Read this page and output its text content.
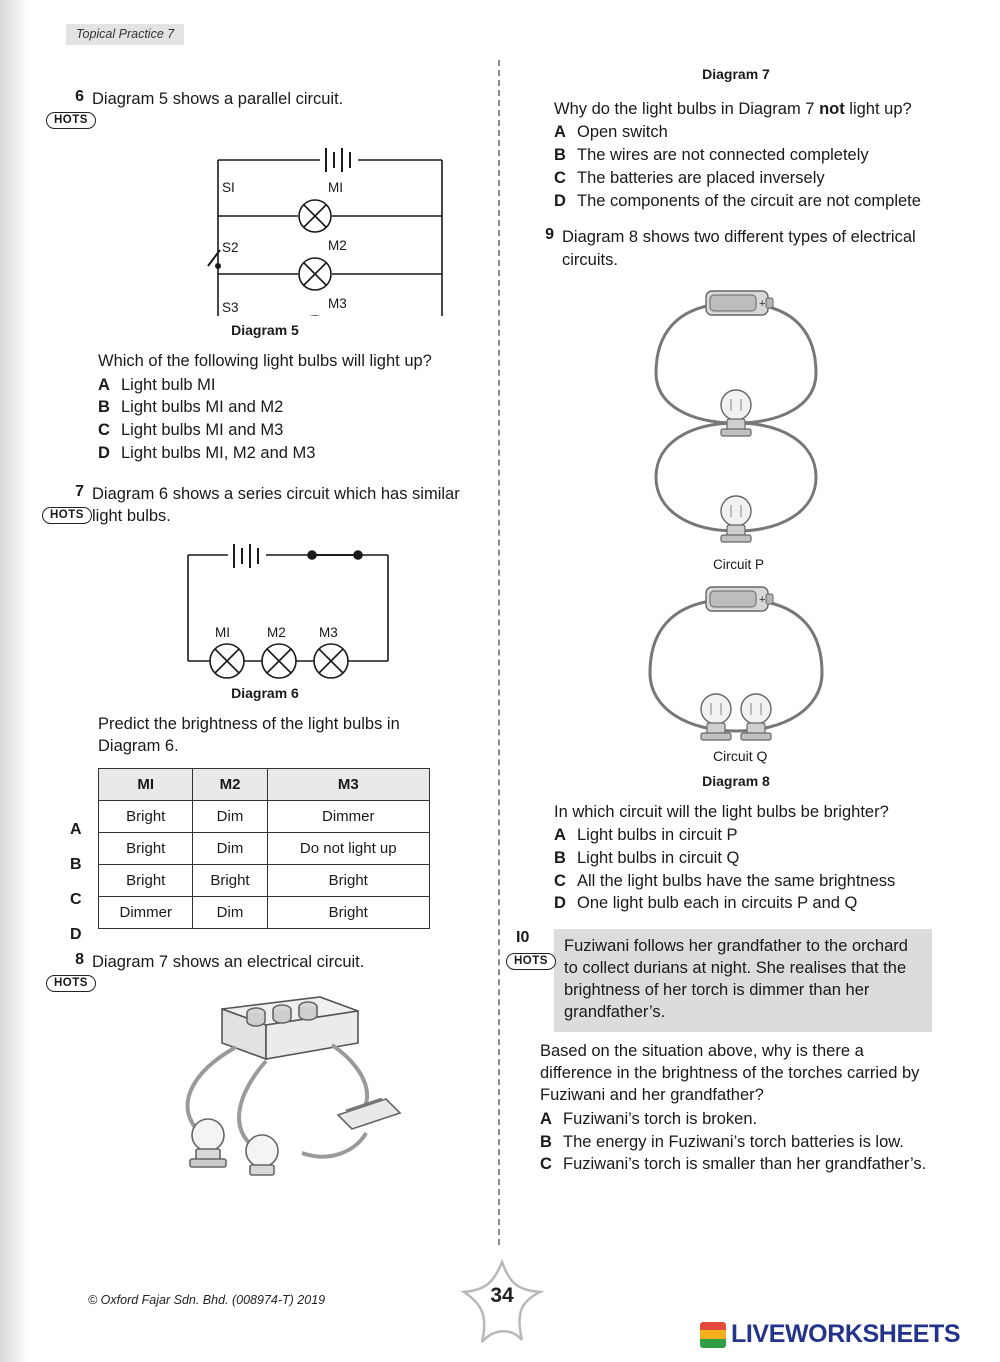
Topical Practice 7
6 Diagram 5 shows a parallel circuit.
HOTS
SI
S2
S3
MI
M2
M3
Diagram 5
Which of the following light bulbs will light up?
A Light bulb MI
B Light bulbs MI and M2
C Light bulbs MI and M3
D Light bulbs MI, M2 and M3
7 Diagram 6 shows a series circuit which has similar light bulbs.
HOTS
MI	M2 M3
Diagram 6
Predict the brightness of the light bulbs in Diagram 6.
MI	M2	M3
Bright	Dim	Dimmer
Bright	Dim	Do not light up
Bright	Bright	Bright
Dimmer	Dim	Bright
A
B
C
D
8 Diagram 7 shows an electrical circuit.
HOTS
Diagram 7
Why do the light bulbs in Diagram 7 not light up?
A Open switch
B The wires are not connected completely
C The batteries are placed inversely
D The components of the circuit are not complete
9 Diagram 8 shows two different types of electrical circuits.
+
Circuit P
+
Circuit Q
Diagram 8
In which circuit will the light bulbs be brighter?
A Light bulbs in circuit P
B Light bulbs in circuit Q
C All the light bulbs have the same brightness
D One light bulb each in circuits P and Q
I0
HOTS
Fuziwani follows her grandfather to the orchard to collect durians at night. She realises that the brightness of her torch is dimmer than her grandfather’s.
Based on the situation above, why is there a difference in the brightness of the torches carried by Fuziwani and her grandfather?
A Fuziwani’s torch is broken.
B The energy in Fuziwani’s torch batteries is low.
C Fuziwani’s torch is smaller than her grandfather’s.
© Oxford Fajar Sdn. Bhd. (008974-T) 2019	34
LIVEWORKSHEETS
